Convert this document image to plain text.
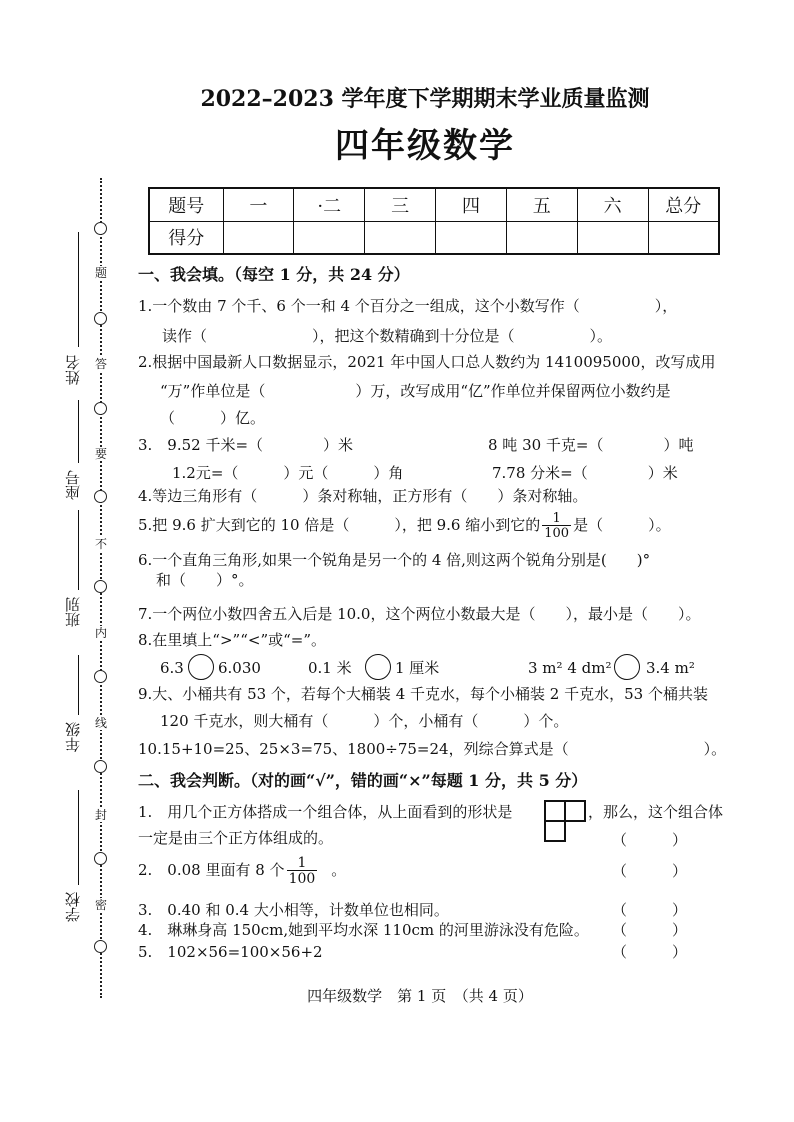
学校
年级
班别
座号
姓名
密
封
线
内
不
要
答
题
2022–2023 学年度下学期期末学业质量监测
四年级数学
题号	一	·二	三	四	五	六	总分
得分							
一、我会填。（每空 1 分，共 24 分）
1.一个数由 7 个千、6 个一和 4 个百分之一组成，这个小数写作（　　　　　），
读作（　　　　　　　），把这个数精确到十分位是（　　　　　）。
2.根据中国最新人口数据显示，2021 年中国人口总人数约为 1410095000，改写成用
“万”作单位是（　　　　　　）万，改写成用“亿”作单位并保留两位小数约是
（　　　）亿。
3.　9.52 千米=（　　　　）米	8 吨 30 千克=（　　　　）吨
1.2元=（　　　）元（　　　）角	7.78 分米=（　　　　）米
4.等边三角形有（　　　）条对称轴，正方形有（　　）条对称轴。
5.把 9.6 扩大到它的 10 倍是（　　　），把 9.6 缩小到它的 $\frac{1}{100}$ 是（　　　）。
6.一个直角三角形,如果一个锐角是另一个的 4 倍,则这两个锐角分别是(　　)°
和（　　）°。
7.一个两位小数四舍五入后是 10.0，这个两位小数最大是（　　），最小是（　　）。
8.在里填上“>”“<”或“=”。
6.3 6.030	0.1 米	1 厘米	3 m² 4 dm² 3.4 m²
9.大、小桶共有 53 个，若每个大桶装 4 千克水，每个小桶装 2 千克水，53 个桶共装
120 千克水，则大桶有（　　　）个，小桶有（　　　）个。
10.15+10=25、25×3=75、1800÷75=24，列综合算式是（　　　　　　　　　）。
二、我会判断。（对的画“√”，错的画“×”每题 1 分，共 5 分）
1.　用几个正方体搭成一个组合体，从上面看到的形状是	，那么，这个组合体
一定是由三个正方体组成的。	（　　　）
2.　0.08 里面有 8 个 $\frac{1}{100}$ 。	（　　　）
3.　0.40 和 0.4 大小相等，计数单位也相同。	（　　　）
4.　琳琳身高 150cm,她到平均水深 110cm 的河里游泳没有危险。 （　　　）
5.　102×56=100×56+2	（　　　）
四年级数学　第 1 页　（共 4 页）
